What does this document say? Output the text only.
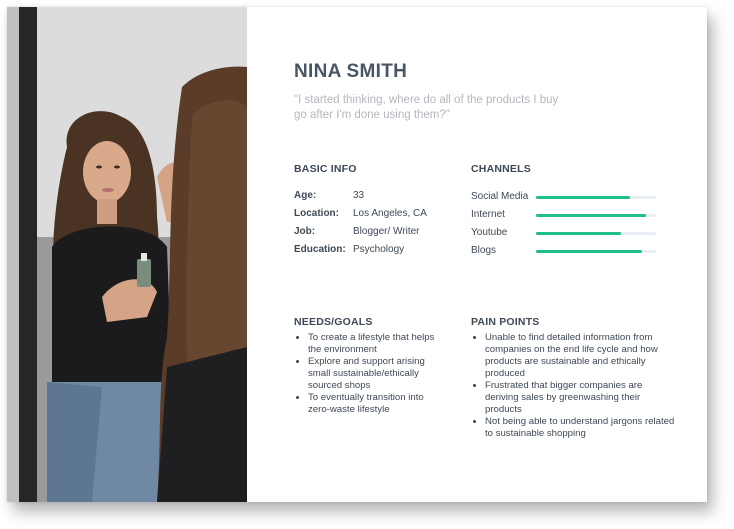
NINA SMITH

"I started thinking, where do all of the products I buy go after I'm done using them?"

BASIC INFO
Age:	33
Location: Los Angeles, CA
Job:	Blogger/ Writer
Education: Psychology
CHANNELS
Social Media
Internet
Youtube
Blogs
NEEDS/GOALS
• To create a lifestyle that helps the environment
• Explore and support arising small sustainable/ethically sourced shops
• To eventually transition into zero-waste lifestyle
PAIN POINTS
• Unable to find detailed information from companies on the end life cycle and how products are sustainable and ethically produced
• Frustrated that bigger companies are deriving sales by greenwashing their products
• Not being able to understand jargons related to sustainable shopping
